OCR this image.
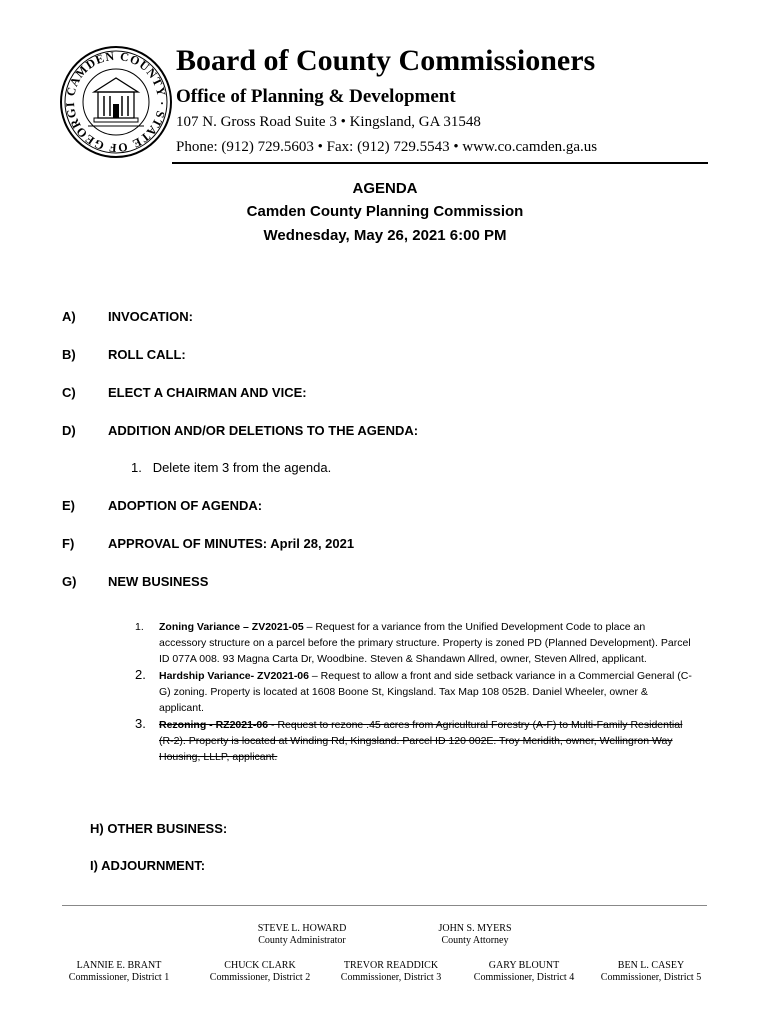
CAMDEN COUNTY · STATE OF GEORGI
Board of County Commissioners
Office of Planning & Development
107 N. Gross Road Suite 3 • Kingsland, GA 31548
Phone: (912) 729.5603 • Fax: (912) 729.5543 • www.co.camden.ga.us
AGENDA
Camden County Planning Commission
Wednesday, May 26, 2021 6:00 PM
A) INVOCATION:
B) ROLL CALL:
C) ELECT A CHAIRMAN AND VICE:
D) ADDITION AND/OR DELETIONS TO THE AGENDA:
1. Delete item 3 from the agenda.
E)	ADOPTION OF AGENDA:
F)	APPROVAL OF MINUTES: April 28, 2021
G) NEW BUSINESS
1. Zoning Variance – ZV2021-05 – Request for a variance from the Unified Development Code to place an accessory structure on a parcel before the primary structure. Property is zoned PD (Planned Development). Parcel ID 077A 008. 93 Magna Carta Dr, Woodbine. Steven & Shandawn Allred, owner, Steven Allred, applicant.
2. Hardship Variance- ZV2021-06 – Request to allow a front and side setback variance in a Commercial General (C-G) zoning. Property is located at 1608 Boone St, Kingsland. Tax Map 108 052B. Daniel Wheeler, owner & applicant.
3. Rezoning - RZ2021-06 - Request to rezone .45 acres from Agricultural Forestry (A-F) to Multi-Family Residential (R-2). Property is located at Winding Rd, Kingsland. Parcel ID 120 002E. Troy Meridith, owner, Wellingron Way Housing, LLLP, applicant.
H) OTHER BUSINESS:
I) ADJOURNMENT:
STEVE L. HOWARD
County Administrator
JOHN S. MYERS
County Attorney
LANNIE E. BRANT
Commissioner, District 1
CHUCK CLARK
Commissioner, District 2
TREVOR READDICK
Commissioner, District 3
GARY BLOUNT
Commissioner, District 4
BEN L. CASEY
Commissioner, District 5
